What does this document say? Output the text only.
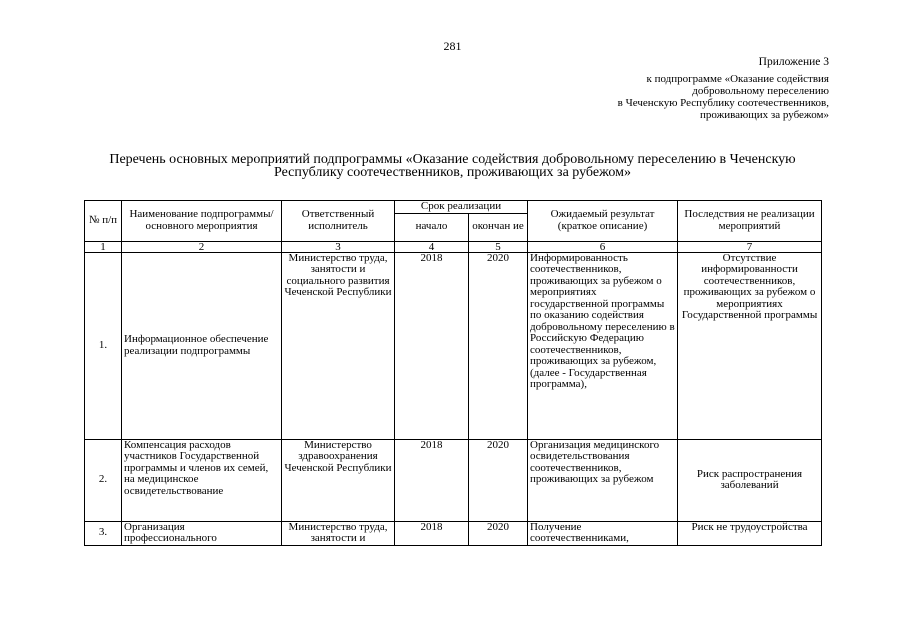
281
Приложение 3
к подпрограмме «Оказание содействия
добровольному переселению
в Чеченскую Республику соотечественников,
проживающих за рубежом»
Перечень основных мероприятий подпрограммы «Оказание содействия добровольному переселению в Чеченскую
Республику соотечественников, проживающих за рубежом»
№ п/п	Наименование подпрограммы/ основного мероприятия	Ответственный исполнитель	Срок реализации		Ожидаемый результат (краткое описание)	Последствия не реализации мероприятий
			начало	окончан ие		
1	2	3	4	5	6	7
1.	Информационное обеспечение реализации подпрограммы	Министерство труда, занятости и социального развития Чеченской Республики	2018	2020	Информированность соотечественников, проживающих за рубежом о мероприятиях государственной программы по оказанию содействия добровольному переселению в Российскую Федерацию соотечественников, проживающих за рубежом, (далее - Государственная программа),	Отсутствие информированности соотечественников, проживающих за рубежом о мероприятиях Государственной программы
2.	Компенсация расходов участников Государственной программы и членов их семей, на медицинское освидетельствование	Министерство здравоохранения Чеченской Республики	2018	2020	Организация медицинского освидетельствования соотечественников, проживающих за рубежом	Риск распространения заболеваний
3.	Организация профессионального	Министерство труда, занятости и	2018	2020	Получение соотечественниками,	Риск не трудоустройства
